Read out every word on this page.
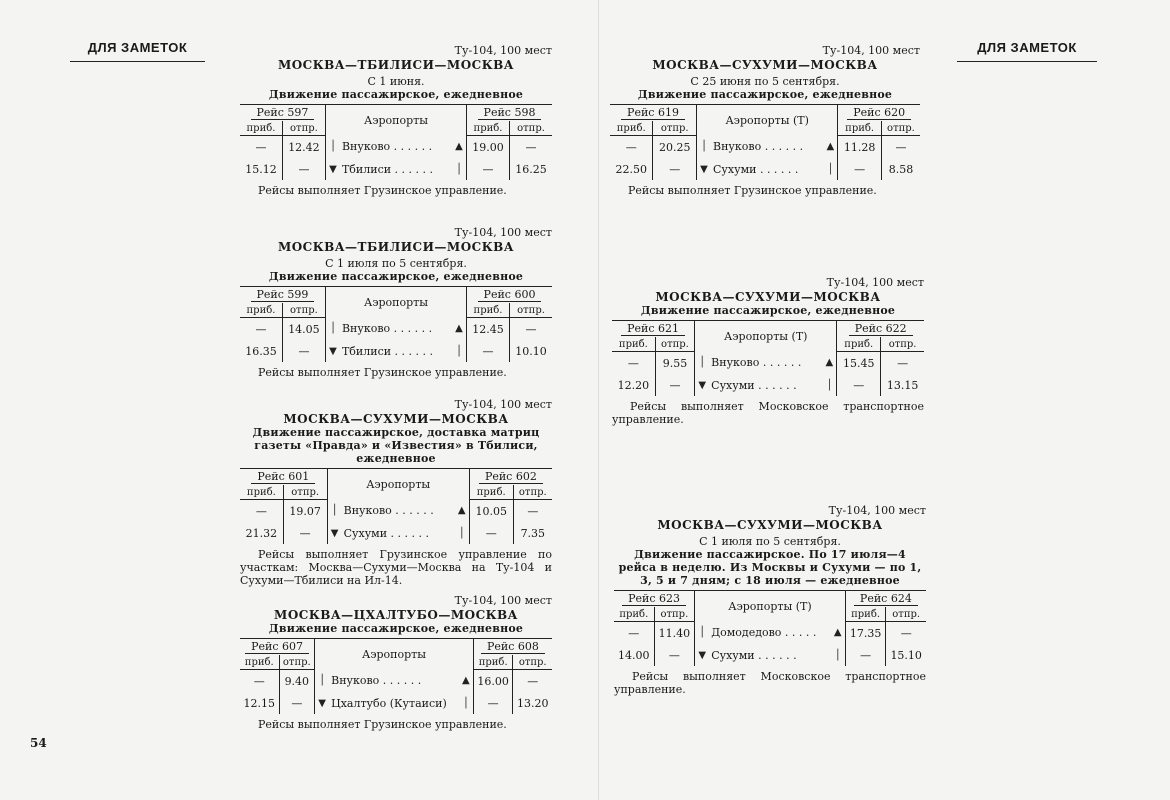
ДЛЯ ЗАМЕТОК	ДЛЯ ЗАМЕТОК
54
Ту-104, 100 мест
МОСКВА—ТБИЛИСИ—МОСКВА
С 1 июня.
Движение пассажирское, ежедневное
Рейс 597			Аэропорты		Рейс 598	
приб.	отпр.				приб.	отпр.
—	12.42	│	Внуково . . . . . .	▲	19.00	—
15.12	—	▼	Тбилиси . . . . . .	│	—	16.25
Рейсы выполняет Грузинское управление.
Ту-104, 100 мест
МОСКВА—ТБИЛИСИ—МОСКВА
С 1 июля по 5 сентября.
Движение пассажирское, ежедневное
Рейс 599			Аэропорты		Рейс 600	
приб.	отпр.				приб.	отпр.
—	14.05	│	Внуково . . . . . .	▲	12.45	—
16.35	—	▼	Тбилиси . . . . . .	│	—	10.10
Рейсы выполняет Грузинское управление.
Ту-104, 100 мест
МОСКВА—СУХУМИ—МОСКВА
Движение пассажирское, доставка матриц газеты «Правда» и «Известия» в Тбилиси, ежедневное
Рейс 601			Аэропорты		Рейс 602	
приб.	отпр.				приб.	отпр.
—	19.07	│	Внуково . . . . . .	▲	10.05	—
21.32	—	▼	Сухуми . . . . . .	│	—	7.35
Рейсы выполняет Грузинское управление по участкам: Москва—Сухуми—Москва на Ту-104 и Сухуми—Тбилиси на Ил-14.
Ту-104, 100 мест
МОСКВА—ЦХАЛТУБО—МОСКВА
Движение пассажирское, ежедневное
Рейс 607			Аэропорты		Рейс 608	
приб.	отпр.				приб.	отпр.
—	9.40	│	Внуково . . . . . .	▲	16.00	—
12.15	—	▼	Цхалтубо (Кутаиси)	│	—	13.20
Рейсы выполняет Грузинское управление.
Ту-104, 100 мест
МОСКВА—СУХУМИ—МОСКВА
С 25 июня по 5 сентября.
Движение пассажирское, ежедневное
Рейс 619			Аэропорты (Т)		Рейс 620	
приб.	отпр.				приб.	отпр.
—	20.25	│	Внуково . . . . . .	▲	11.28	—
22.50	—	▼	Сухуми . . . . . .	│	—	8.58
Рейсы выполняет Грузинское управление.
Ту-104, 100 мест
МОСКВА—СУХУМИ—МОСКВА
Движение пассажирское, ежедневное
Рейс 621			Аэропорты (Т)		Рейс 622	
приб.	отпр.				приб.	отпр.
—	9.55	│	Внуково . . . . . .	▲	15.45	—
12.20	—	▼	Сухуми . . . . . .	│	—	13.15
Рейсы выполняет Московское транспортное управление.
Ту-104, 100 мест
МОСКВА—СУХУМИ—МОСКВА
С 1 июля по 5 сентября.
Движение пассажирское. По 17 июля—4 рейса в неделю. Из Москвы и Сухуми — по 1, 3, 5 и 7 дням; с 18 июля — ежедневное
Рейс 623			Аэропорты (Т)		Рейс 624	
приб.	отпр.				приб.	отпр.
—	11.40	│	Домодедово . . . . .	▲	17.35	—
14.00	—	▼	Сухуми . . . . . .	│	—	15.10
Рейсы выполняет Московское транспортное управление.
